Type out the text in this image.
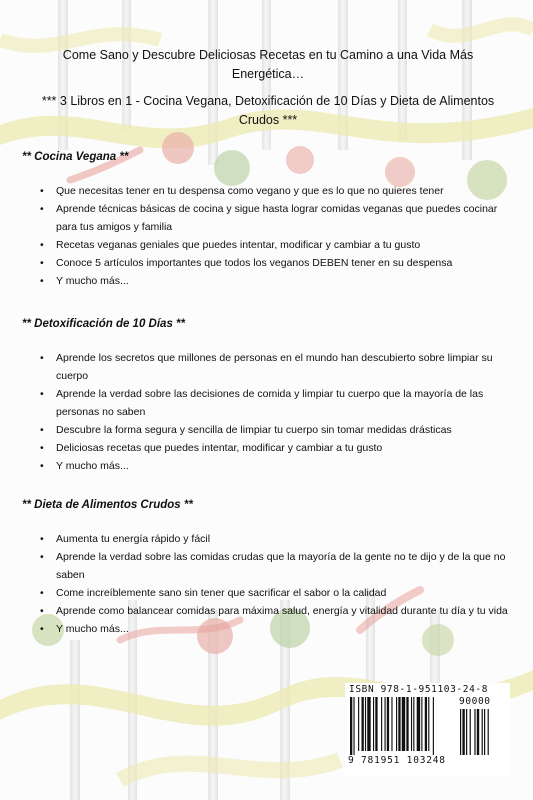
Come Sano y Descubre Deliciosas Recetas en tu Camino a una Vida Más Energética…
*** 3 Libros en 1 - Cocina Vegana, Detoxificación de 10 Días y Dieta de Alimentos Crudos ***
** Cocina Vegana **
• Que necesitas tener en tu despensa como vegano y que es lo que no quieres tener
• Aprende técnicas básicas de cocina y sigue hasta lograr comidas veganas que puedes cocinar para tus amigos y familia
• Recetas veganas geniales que puedes intentar, modificar y cambiar a tu gusto
• Conoce 5 artículos importantes que todos los veganos DEBEN tener en su despensa
• Y mucho más...
** Detoxificación de 10 Días **
• Aprende los secretos que millones de personas en el mundo han descubierto sobre limpiar su cuerpo
• Aprende la verdad sobre las decisiones de comida y limpiar tu cuerpo que la mayoría de las personas no saben
• Descubre la forma segura y sencilla de limpiar tu cuerpo sin tomar medidas drásticas
• Deliciosas recetas que puedes intentar, modificar y cambiar a tu gusto
• Y mucho más...
** Dieta de Alimentos Crudos **
• Aumenta tu energía rápido y fácil
• Aprende la verdad sobre las comidas crudas que la mayoría de la gente no te dijo y de la que no saben
• Come increíblemente sano sin tener que sacrificar el sabor o la calidad
• Aprende como balancear comidas para máxima salud, energía y vitalidad durante tu día y tu vida
• Y mucho más...
ISBN 978-1-951103-24-8
90000
9 781951 103248
